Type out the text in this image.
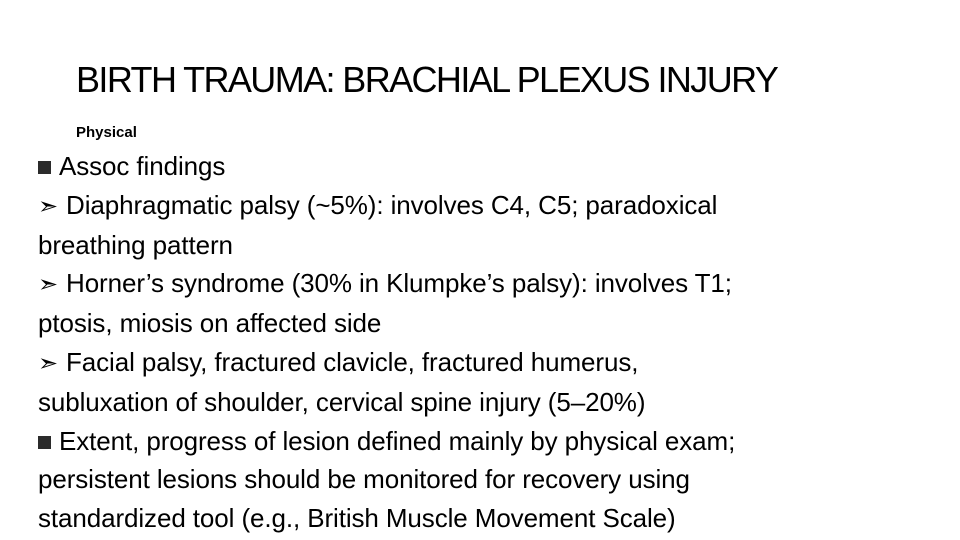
BIRTH TRAUMA: BRACHIAL PLEXUS INJURY
Physical
Assoc findings
➣ Diaphragmatic palsy (~5%): involves C4, C5; paradoxical
breathing pattern
➣ Horner’s syndrome (30% in Klumpke’s palsy): involves T1;
ptosis, miosis on affected side
➣ Facial palsy, fractured clavicle, fractured humerus,
subluxation of shoulder, cervical spine injury (5–20%)
Extent, progress of lesion defined mainly by physical exam;
persistent lesions should be monitored for recovery using
standardized tool (e.g., British Muscle Movement Scale)
